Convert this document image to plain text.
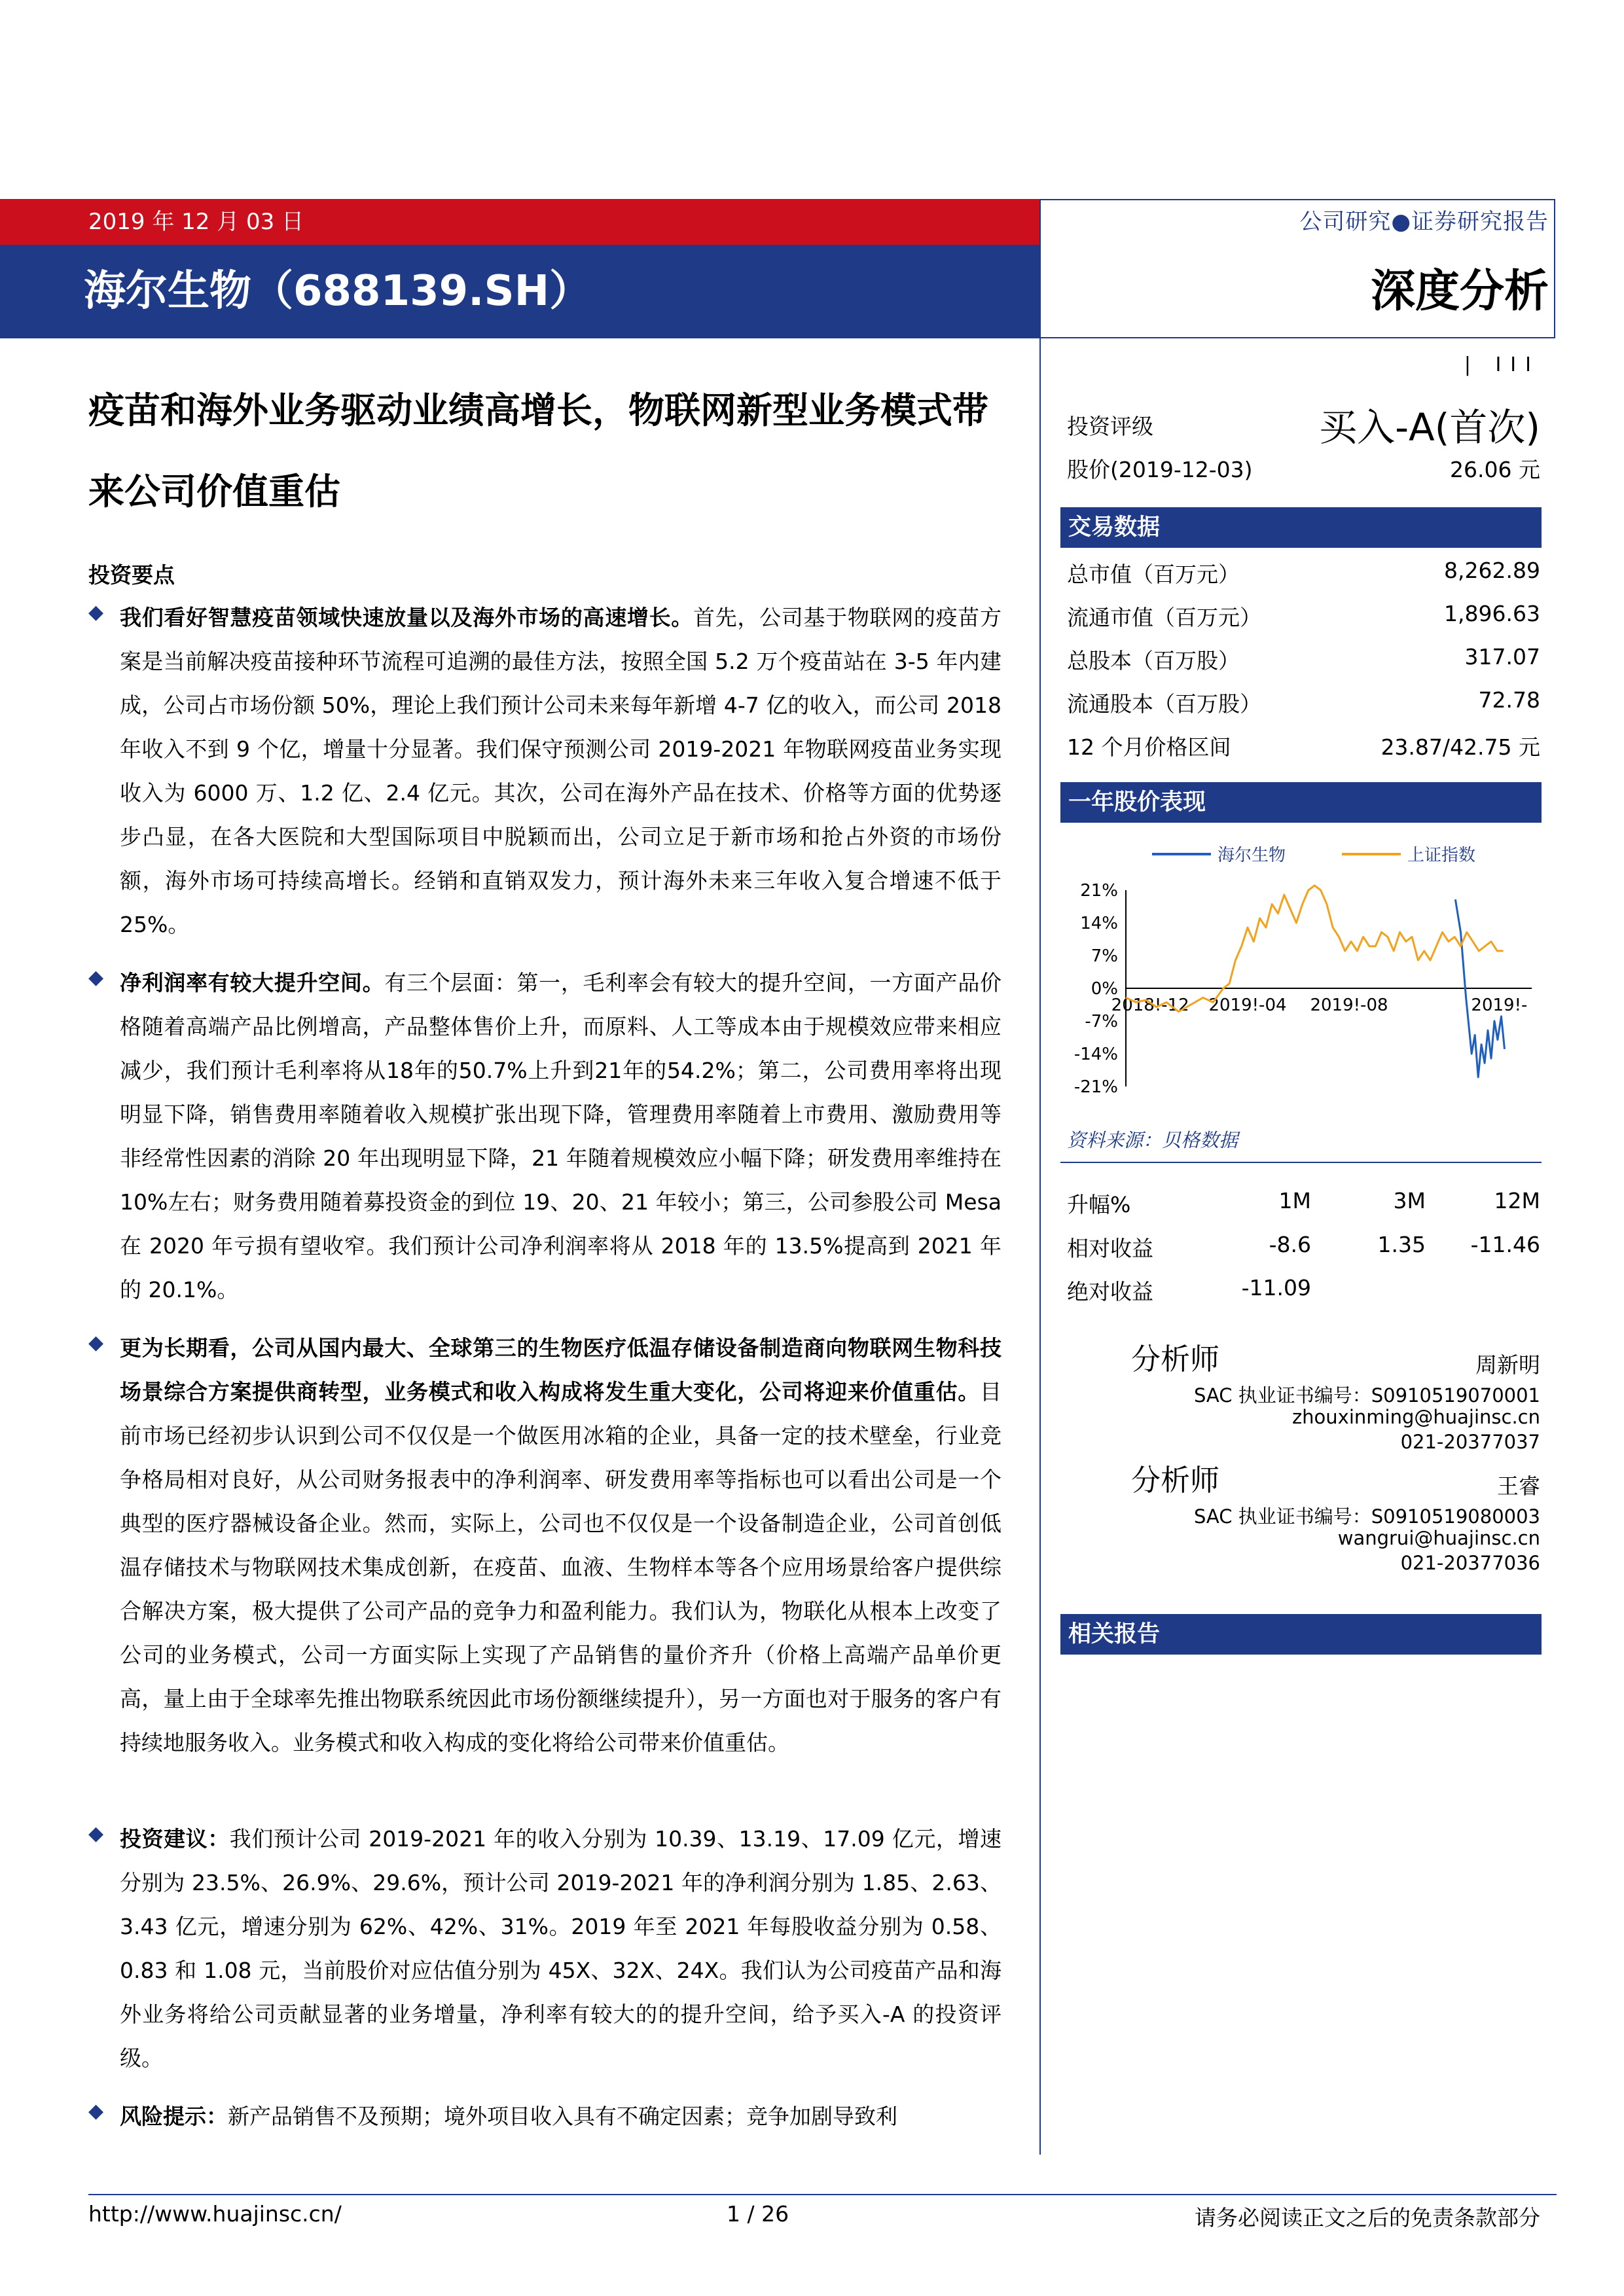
2019 年 12 月 03 日	公司研究●证券研究报告
海尔生物（688139.SH）	深度分析
疫苗和海外业务驱动业绩高增长，物联网新型业务模式带来公司价值重估
投资要点
◆ 我们看好智慧疫苗领域快速放量以及海外市场的高速增长。首先，公司基于物联网的疫苗方案是当前解决疫苗接种环节流程可追溯的最佳方法，按照全国 5.2 万个疫苗站在 3-5 年内建成，公司占市场份额 50%，理论上我们预计公司未来每年新增 4-7 亿的收入，而公司 2018 年收入不到 9 个亿，增量十分显著。我们保守预测公司 2019-2021 年物联网疫苗业务实现收入为 6000 万、1.2 亿、2.4 亿元。其次，公司在海外产品在技术、价格等方面的优势逐步凸显，在各大医院和大型国际项目中脱颖而出，公司立足于新市场和抢占外资的市场份额，海外市场可持续高增长。经销和直销双发力，预计海外未来三年收入复合增速不低于 25%。
◆ 净利润率有较大提升空间。有三个层面：第一，毛利率会有较大的提升空间，一方面产品价格随着高端产品比例增高，产品整体售价上升，而原料、人工等成本由于规模效应带来相应减少，我们预计毛利率将从18年的50.7%上升到21年的54.2%；第二，公司费用率将出现明显下降，销售费用率随着收入规模扩张出现下降，管理费用率随着上市费用、激励费用等非经常性因素的消除 20 年出现明显下降，21 年随着规模效应小幅下降；研发费用率维持在 10%左右；财务费用随着募投资金的到位 19、20、21 年较小；第三，公司参股公司 Mesa 在 2020 年亏损有望收窄。我们预计公司净利润率将从 2018 年的 13.5%提高到 2021 年的 20.1%。
◆ 更为长期看，公司从国内最大、全球第三的生物医疗低温存储设备制造商向物联网生物科技场景综合方案提供商转型，业务模式和收入构成将发生重大变化，公司将迎来价值重估。目前市场已经初步认识到公司不仅仅是一个做医用冰箱的企业，具备一定的技术壁垒，行业竞争格局相对良好，从公司财务报表中的净利润率、研发费用率等指标也可以看出公司是一个典型的医疗器械设备企业。然而，实际上，公司也不仅仅是一个设备制造企业，公司首创低温存储技术与物联网技术集成创新，在疫苗、血液、生物样本等各个应用场景给客户提供综合解决方案，极大提供了公司产品的竞争力和盈利能力。我们认为，物联化从根本上改变了公司的业务模式，公司一方面实际上实现了产品销售的量价齐升（价格上高端产品单价更高，量上由于全球率先推出物联系统因此市场份额继续提升），另一方面也对于服务的客户有持续地服务收入。业务模式和收入构成的变化将给公司带来价值重估。
◆ 投资建议：我们预计公司 2019-2021 年的收入分别为 10.39、13.19、17.09 亿元，增速分别为 23.5%、26.9%、29.6%，预计公司 2019-2021 年的净利润分别为 1.85、2.63、3.43 亿元，增速分别为 62%、42%、31%。2019 年至 2021 年每股收益分别为 0.58、0.83 和 1.08 元，当前股价对应估值分别为 45X、32X、24X。我们认为公司疫苗产品和海外业务将给公司贡献显著的业务增量，净利率有较大的的提升空间，给予买入-A 的投资评级。
◆ 风险提示：新产品销售不及预期；境外项目收入具有不确定因素；竞争加剧导致利
| III
投资评级	买入-A(首次)
股价(2019-12-03)	26.06 元
交易数据
总市值（百万元）	8,262.89
流通市值（百万元）	1,896.63
总股本（百万股）	317.07
流通股本（百万股）	72.78
12 个月价格区间	23.87/42.75 元
一年股价表现
海尔生物	上证指数
21%
14%
7%
0%
-7%
-14%
-21%
2018!-12 2019!-04 2019!-08	2019!-
资料来源：贝格数据
升幅%	1M	3M	12M
相对收益	-8.6	1.35 -11.46
绝对收益	-11.09
分析师	周新明
SAC 执业证书编号：S0910519070001
zhouxinming@huajinsc.cn
021-20377037
分析师	王睿
SAC 执业证书编号：S0910519080003
wangrui@huajinsc.cn
021-20377036
相关报告
http://www.huajinsc.cn/	1 / 26	请务必阅读正文之后的免责条款部分
